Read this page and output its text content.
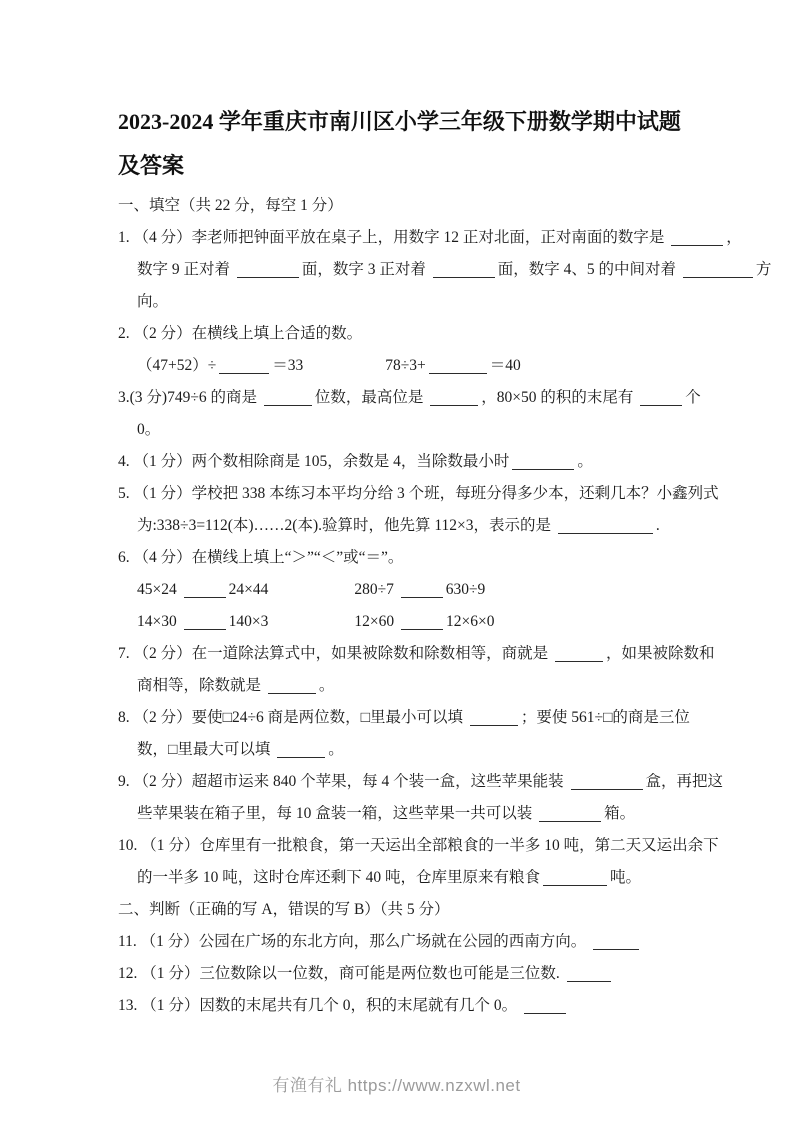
2023-2024 学年重庆市南川区小学三年级下册数学期中试题
及答案
一、填空（共 22 分，每空 1 分）
1. （4 分）李老师把钟面平放在桌子上，用数字 12 正对北面，正对南面的数字是	，
数字 9 正对着	面，数字 3 正对着	面，数字 4、5 的中间对着	方
向。
2. （2 分）在横线上填上合适的数。
（47+52）÷	＝33	78÷3+	＝40
3.(3 分)749÷6 的商是	位数，最高位是	，80×50 的积的末尾有	个
0。
4. （1 分）两个数相除商是 105，余数是 4，当除数最小时	。
5. （1 分）学校把 338 本练习本平均分给 3 个班，每班分得多少本，还剩几本？小鑫列式
为:338÷3=112(本)……2(本).验算时，他先算 112×3，表示的是	.
6. （4 分）在横线上填上“＞”“＜”或“＝”。
45×24	24×44	280÷7	630÷9
14×30	140×3	12×60	12×6×0
7. （2 分）在一道除法算式中，如果被除数和除数相等，商就是	，如果被除数和
商相等，除数就是	。
8. （2 分）要使□24÷6 商是两位数，□里最小可以填	；要使 561÷□的商是三位
数，□里最大可以填	。
9. （2 分）超超市运来 840 个苹果，每 4 个装一盒，这些苹果能装	盒，再把这
些苹果装在箱子里，每 10 盒装一箱，这些苹果一共可以装	箱。
10. （1 分）仓库里有一批粮食，第一天运出全部粮食的一半多 10 吨，第二天又运出余下
的一半多 10 吨，这时仓库还剩下 40 吨，仓库里原来有粮食	吨。
二、判断（正确的写 A，错误的写 B）（共 5 分）
11. （1 分）公园在广场的东北方向，那么广场就在公园的西南方向。
12. （1 分）三位数除以一位数，商可能是两位数也可能是三位数.
13. （1 分）因数的末尾共有几个 0，积的末尾就有几个 0。
有渔有礼 https://www.nzxwl.net
